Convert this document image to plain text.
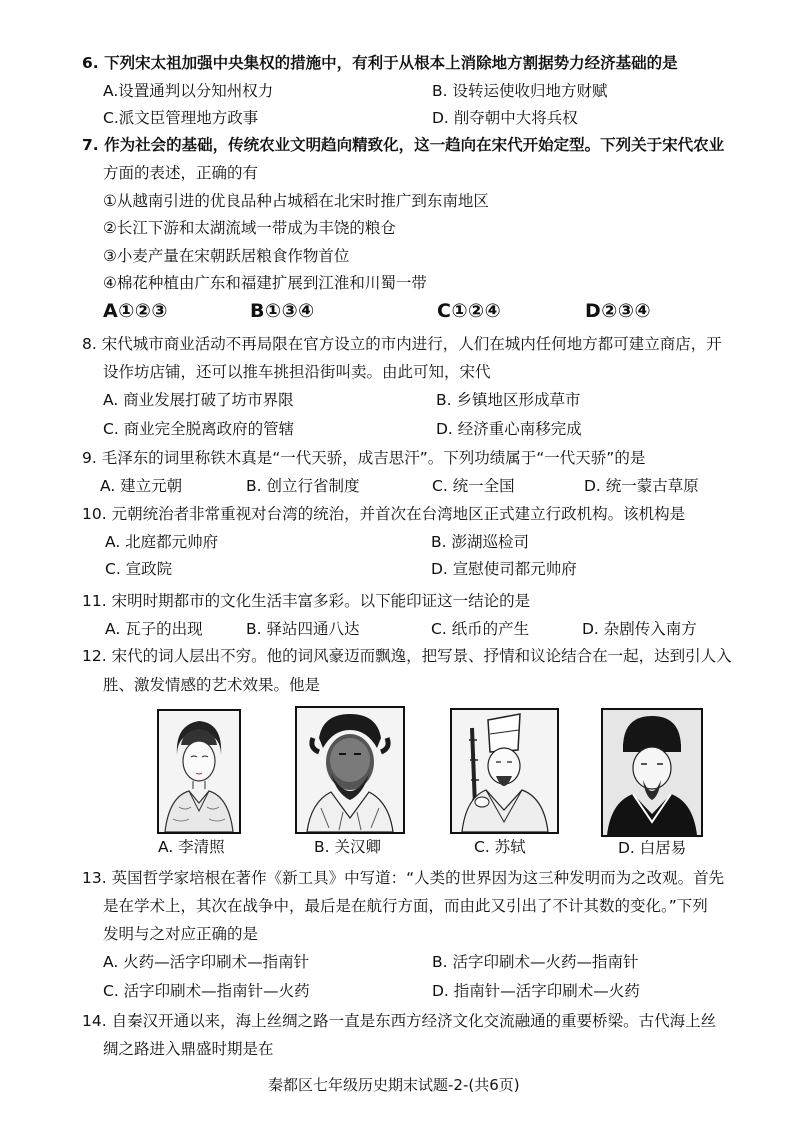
6. 下列宋太祖加强中央集权的措施中，有利于从根本上消除地方割据势力经济基础的是
A.设置通判以分知州权力	B. 设转运使收归地方财赋
C.派文臣管理地方政事	D. 削夺朝中大将兵权
7. 作为社会的基础，传统农业文明趋向精致化，这一趋向在宋代开始定型。下列关于宋代农业
方面的表述，正确的有
①从越南引进的优良品种占城稻在北宋时推广到东南地区
②长江下游和太湖流域一带成为丰饶的粮仓
③小麦产量在宋朝跃居粮食作物首位
④棉花种植由广东和福建扩展到江淮和川蜀一带
A①②③	B①③④	C①②④	D②③④
8. 宋代城市商业活动不再局限在官方设立的市内进行，人们在城内任何地方都可建立商店，开
设作坊店铺，还可以推车挑担沿街叫卖。由此可知，宋代
A. 商业发展打破了坊市界限	B. 乡镇地区形成草市
C. 商业完全脱离政府的管辖	D. 经济重心南移完成
9. 毛泽东的词里称铁木真是“一代天骄，成吉思汗”。下列功绩属于“一代天骄”的是
A. 建立元朝	B. 创立行省制度	C. 统一全国	D. 统一蒙古草原
10. 元朝统治者非常重视对台湾的统治，并首次在台湾地区正式建立行政机构。该机构是
A. 北庭都元帅府	B. 澎湖巡检司
C. 宣政院	D. 宣慰使司都元帅府
11. 宋明时期都市的文化生活丰富多彩。以下能印证这一结论的是
A. 瓦子的出现	B. 驿站四通八达	C. 纸币的产生	D. 杂剧传入南方
12. 宋代的词人层出不穷。他的词风豪迈而飘逸，把写景、抒情和议论结合在一起，达到引人入
胜、激发情感的艺术效果。他是
A. 李清照	B. 关汉卿	C. 苏轼	D. 白居易
13. 英国哲学家培根在著作《新工具》中写道：“人类的世界因为这三种发明而为之改观。首先
是在学术上，其次在战争中，最后是在航行方面，而由此又引出了不计其数的变化。”下列
发明与之对应正确的是
A. 火药—活字印刷术—指南针	B. 活字印刷术—火药—指南针
C. 活字印刷术—指南针—火药	D. 指南针—活字印刷术—火药
14. 自秦汉开通以来，海上丝绸之路一直是东西方经济文化交流融通的重要桥梁。古代海上丝
绸之路进入鼎盛时期是在
秦都区七年级历史期末试题-2-(共6页)
